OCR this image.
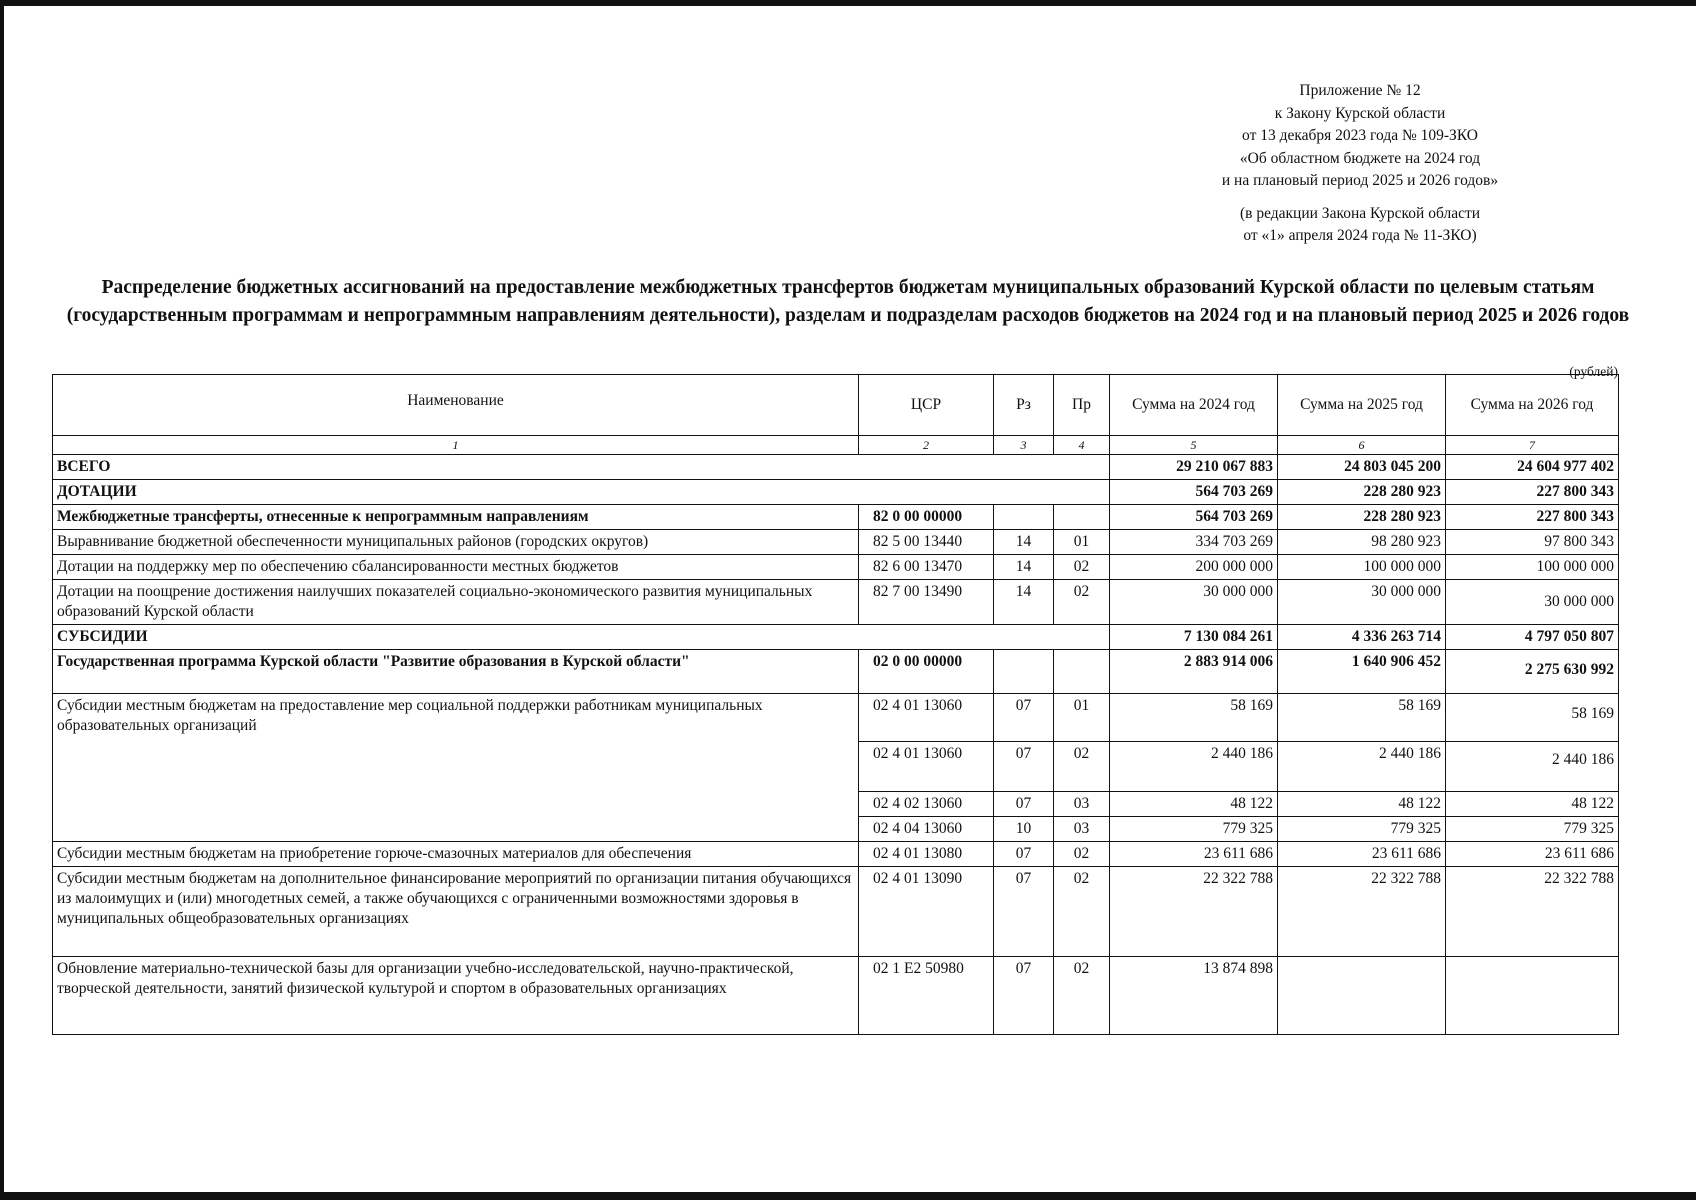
Приложение № 12
к Закону Курской области
от 13 декабря 2023 года № 109-ЗКО
«Об областном бюджете на 2024 год
и на плановый период 2025 и 2026 годов»
(в редакции Закона Курской области
от «1» апреля 2024 года № 11-ЗКО)
Распределение бюджетных ассигнований на предоставление межбюджетных трансфертов бюджетам муниципальных образований Курской области по целевым статьям (государственным программам и непрограммным направлениям деятельности), разделам и подразделам расходов бюджетов на 2024 год и на плановый период 2025 и 2026 годов
(рублей)
Наименование	ЦСР	Рз	Пр	Сумма на 2024 год	Сумма на 2025 год	Сумма на 2026 год
1	2	3	4	5	6	7
ВСЕГО				29 210 067 883	24 803 045 200	24 604 977 402
ДОТАЦИИ				564 703 269	228 280 923	227 800 343
Межбюджетные трансферты, отнесенные к непрограммным направлениям	82 0 00 00000			564 703 269	228 280 923	227 800 343
Выравнивание бюджетной обеспеченности муниципальных районов (городских округов)	82 5 00 13440	14	01	334 703 269	98 280 923	97 800 343
Дотации на поддержку мер по обеспечению сбалансированности местных бюджетов	82 6 00 13470	14	02	200 000 000	100 000 000	100 000 000
Дотации на поощрение достижения наилучших показателей социально-экономического развития муниципальных образований Курской области	82 7 00 13490	14	02	30 000 000	30 000 000	30 000 000
СУБСИДИИ				7 130 084 261	4 336 263 714	4 797 050 807
Государственная программа Курской области "Развитие образования в Курской области"	02 0 00 00000			2 883 914 006	1 640 906 452	2 275 630 992
Субсидии местным бюджетам на предоставление мер социальной поддержки работникам муниципальных образовательных организаций	02 4 01 13060	07	01	58 169	58 169	58 169
	02 4 01 13060	07	02	2 440 186	2 440 186	2 440 186
	02 4 02 13060	07	03	48 122	48 122	48 122
	02 4 04 13060	10	03	779 325	779 325	779 325
Субсидии местным бюджетам на приобретение горюче-смазочных материалов для обеспечения	02 4 01 13080	07	02	23 611 686	23 611 686	23 611 686
Субсидии местным бюджетам на дополнительное финансирование мероприятий по организации питания обучающихся из малоимущих и (или) многодетных семей, а также обучающихся с ограниченными возможностями здоровья в муниципальных общеобразовательных организациях	02 4 01 13090	07	02	22 322 788	22 322 788	22 322 788
Обновление материально-технической базы для организации учебно-исследовательской, научно-практической, творческой деятельности, занятий физической культурой и спортом в образовательных организациях	02 1 E2 50980	07	02	13 874 898		
